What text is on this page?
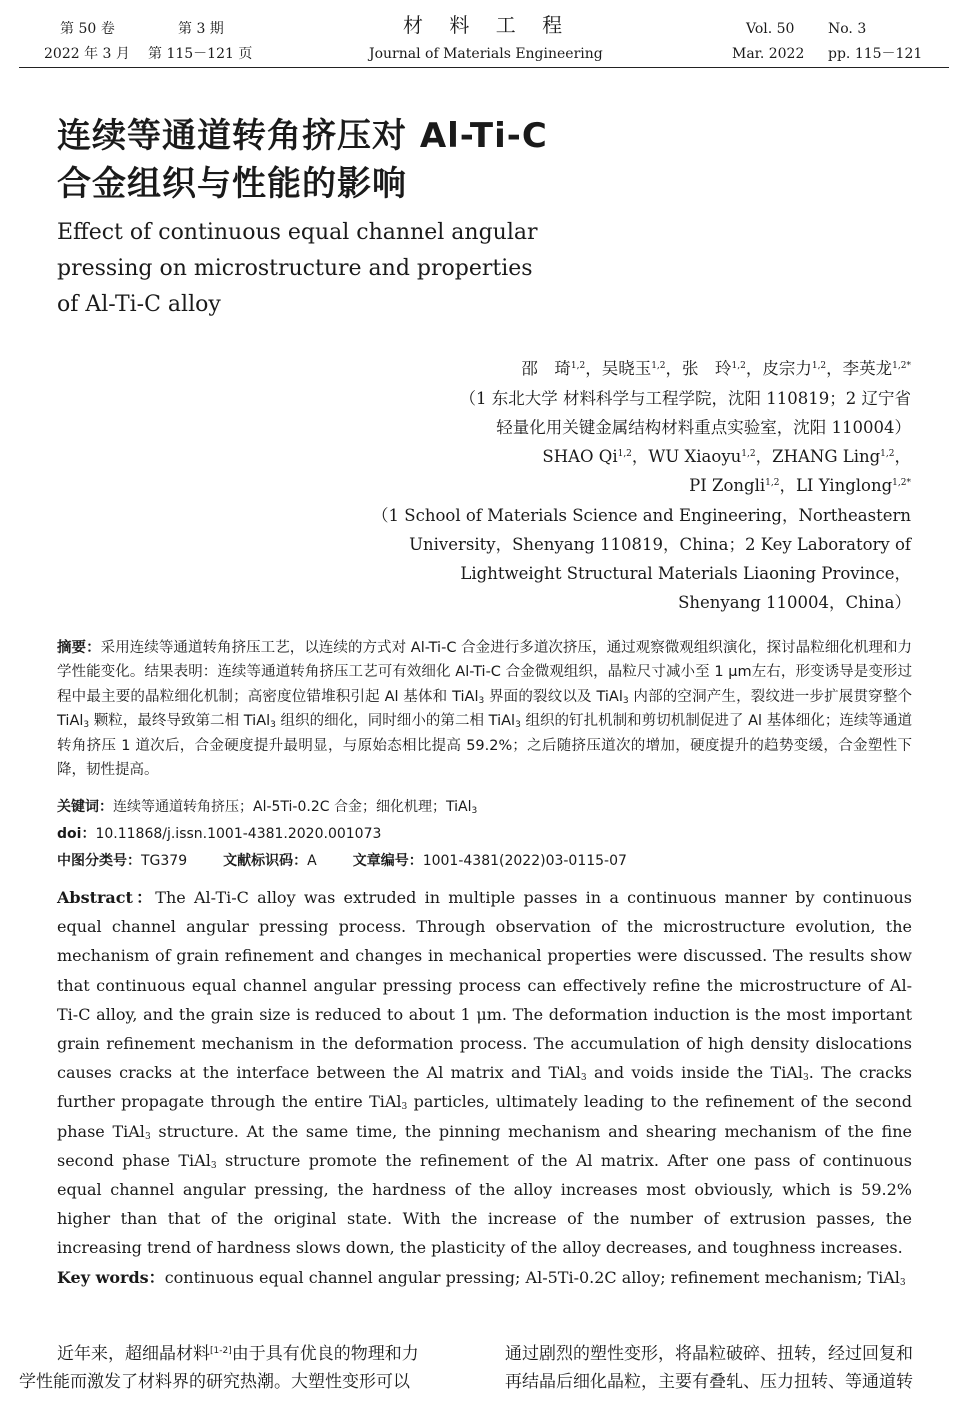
第 50 卷	第 3 期
2022 年 3 月 第 115－121 页
材 料 工 程
Journal of Materials Engineering
Vol. 50 No. 3
Mar. 2022 pp. 115－121
连续等通道转角挤压对 Al-Ti-C
合金组织与性能的影响
Effect of continuous equal channel angular
pressing on microstructure and properties
of Al-Ti-C alloy
邵　琦$^{1,2}$，吴晓玉$^{1,2}$，张　玲$^{1,2}$，皮宗力$^{1,2}$，李英龙$^{1,2*}$
（1 东北大学 材料科学与工程学院，沈阳 110819；2 辽宁省
轻量化用关键金属结构材料重点实验室，沈阳 110004）
SHAO Qi$^{1,2}$，WU Xiaoyu$^{1,2}$，ZHANG Ling$^{1,2}$，
PI Zongli$^{1,2}$，LI Yinglong$^{1,2*}$
（1 School of Materials Science and Engineering，Northeastern
University，Shenyang 110819，China；2 Key Laboratory of
Lightweight Structural Materials Liaoning Province，
Shenyang 110004，China）
摘要：采用连续等通道转角挤压工艺，以连续的方式对 Al-Ti-C 合金进行多道次挤压，通过观察微观组织演化，探讨晶粒细化机理和力学性能变化。结果表明：连续等通道转角挤压工艺可有效细化 Al-Ti-C 合金微观组织，晶粒尺寸减小至 1 μm左右，形变诱导是变形过程中最主要的晶粒细化机制；高密度位错堆积引起 Al 基体和 TiAl$_3$ 界面的裂纹以及 TiAl$_3$ 内部的空洞产生，裂纹进一步扩展贯穿整个 TiAl$_3$ 颗粒，最终导致第二相 TiAl$_3$ 组织的细化，同时细小的第二相 TiAl$_3$ 组织的钉扎机制和剪切机制促进了 Al 基体细化；连续等通道转角挤压 1 道次后，合金硬度提升最明显，与原始态相比提高 59.2%；之后随挤压道次的增加，硬度提升的趋势变缓，合金塑性下降，韧性提高。
关键词：连续等通道转角挤压；Al-5Ti-0.2C 合金；细化机理；TiAl$_3$
doi：10.11868/j.issn.1001-4381.2020.001073
中图分类号：TG379	文献标识码：A	文章编号：1001-4381(2022)03-0115-07
Abstract：The Al-Ti-C alloy was extruded in multiple passes in a continuous manner by continuous equal channel angular pressing process. Through observation of the microstructure evolution, the mechanism of grain refinement and changes in mechanical properties were discussed. The results show that continuous equal channel angular pressing process can effectively refine the microstructure of Al-Ti-C alloy, and the grain size is reduced to about 1 μm. The deformation induction is the most important grain refinement mechanism in the deformation process. The accumulation of high density dislocations causes cracks at the interface between the Al matrix and TiAl$_3$ and voids inside the TiAl$_3$. The cracks further propagate through the entire TiAl$_3$ particles, ultimately leading to the refinement of the second phase TiAl$_3$ structure. At the same time, the pinning mechanism and shearing mechanism of the fine second phase TiAl$_3$ structure promote the refinement of the Al matrix. After one pass of continuous equal channel angular pressing, the hardness of the alloy increases most obviously, which is 59.2% higher than that of the original state. With the increase of the number of extrusion passes, the increasing trend of hardness slows down, the plasticity of the alloy decreases, and toughness increases.
Key words：continuous equal channel angular pressing; Al-5Ti-0.2C alloy; refinement mechanism; TiAl$_3$
近年来，超细晶材料[1-2]由于具有优良的物理和力
学性能而激发了材料界的研究热潮。大塑性变形可以
通过剧烈的塑性变形，将晶粒破碎、扭转，经过回复和
再结晶后细化晶粒，主要有叠轧、压力扭转、等通道转
